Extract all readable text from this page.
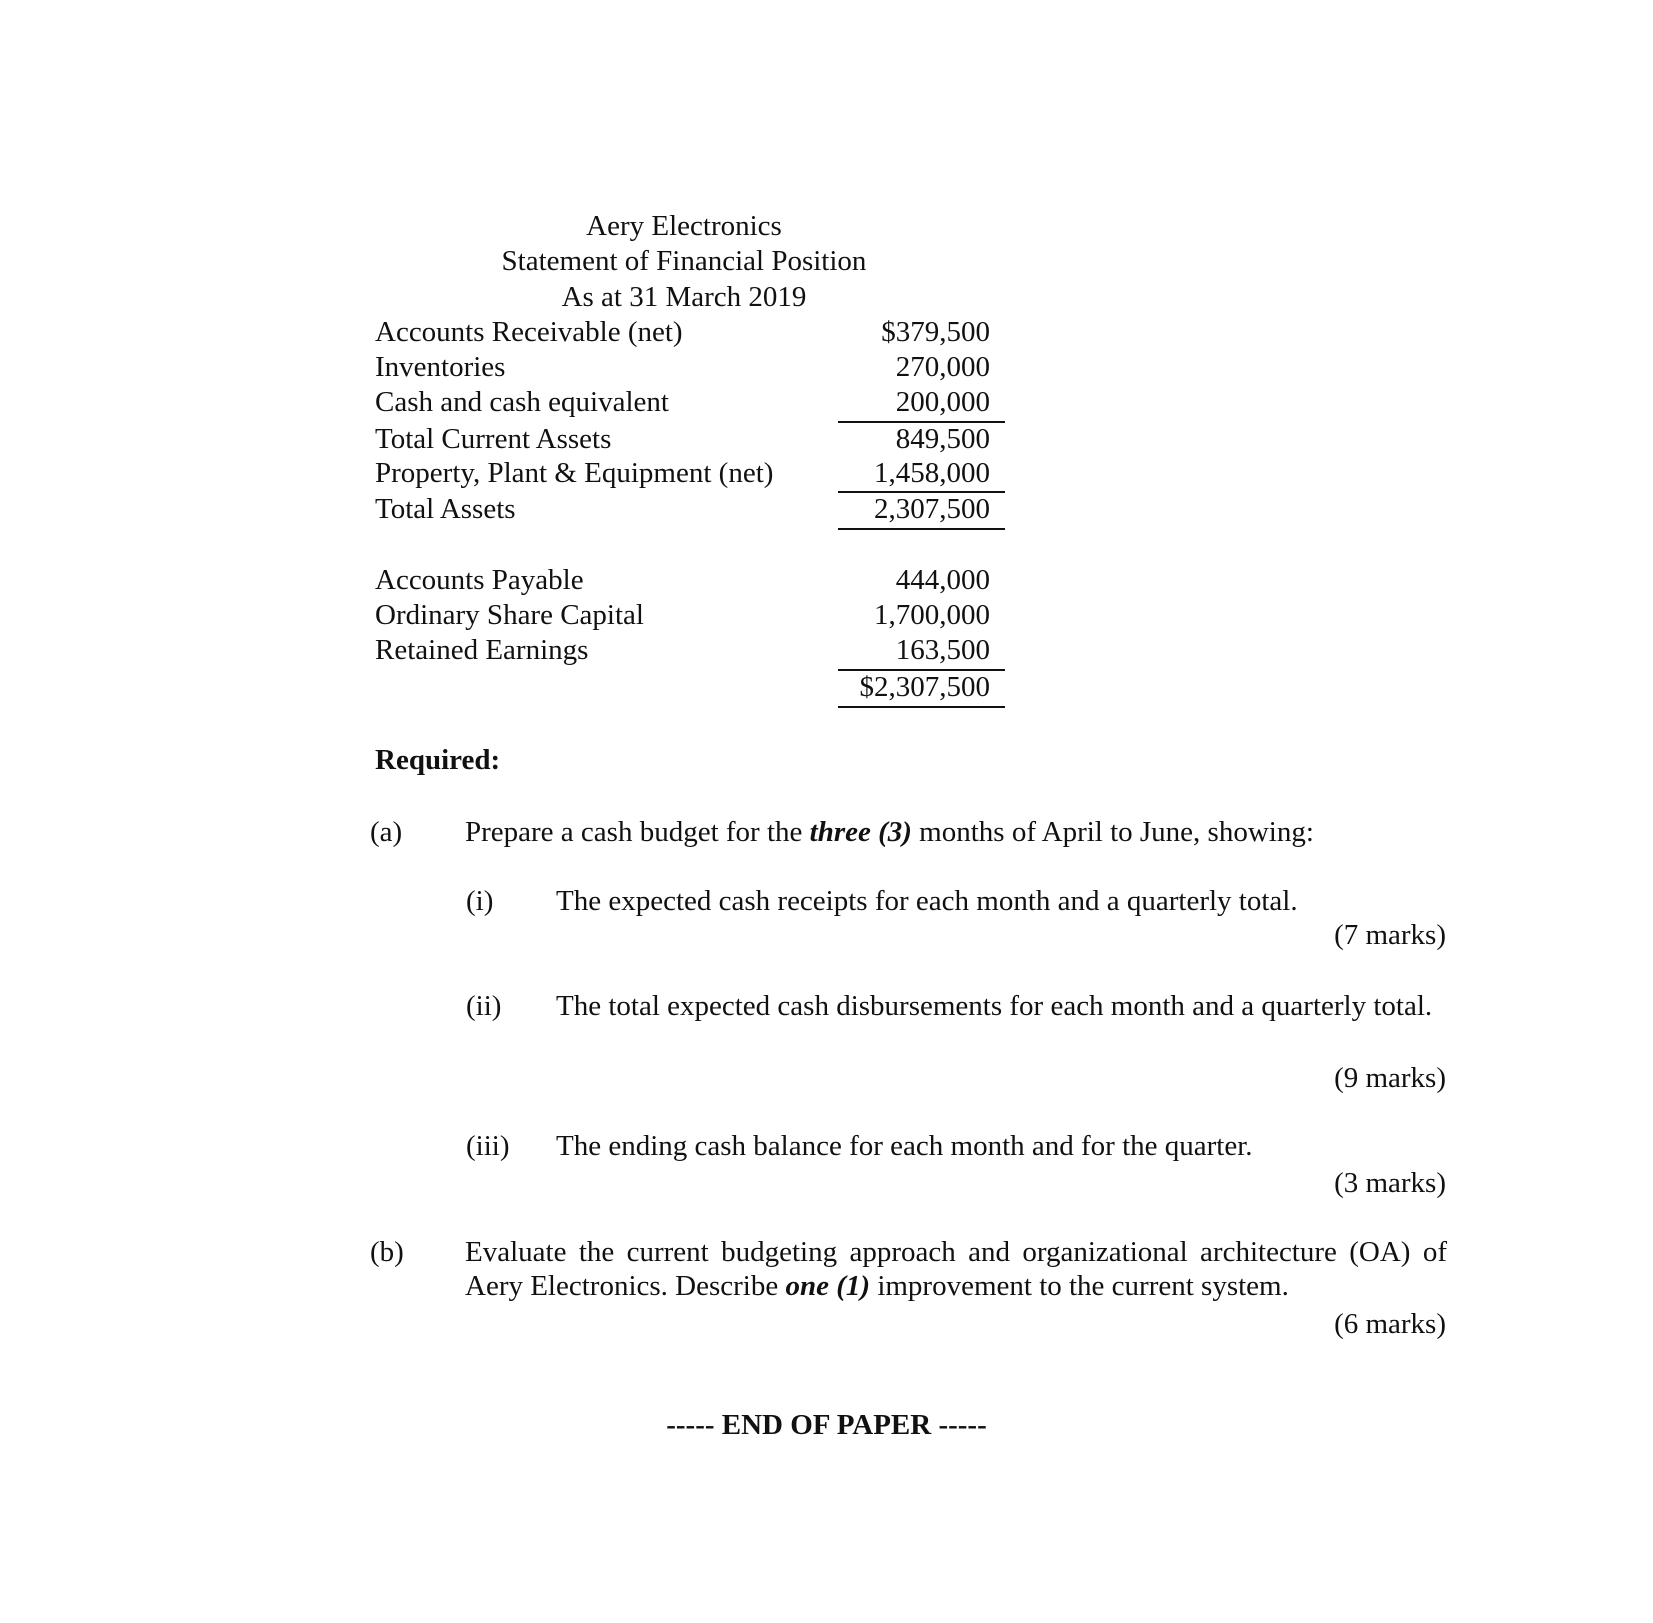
Aery Electronics
Statement of Financial Position
As at 31 March 2019
Accounts Receivable (net)	$379,500
Inventories	270,000
Cash and cash equivalent	200,000
Total Current Assets	849,500
Property, Plant & Equipment (net)	1,458,000
Total Assets	2,307,500
Accounts Payable	444,000
Ordinary Share Capital	1,700,000
Retained Earnings	163,500
$2,307,500
Required:
(a) Prepare a cash budget for the three (3) months of April to June, showing:
(i) The expected cash receipts for each month and a quarterly total.
(7 marks)
(ii) The total expected cash disbursements for each month and a quarterly total.
(9 marks)
(iii) The ending cash balance for each month and for the quarter.
(3 marks)
(b) Evaluate the current budgeting approach and organizational architecture (OA) of Aery Electronics. Describe one (1) improvement to the current system.
(6 marks)
----- END OF PAPER -----
